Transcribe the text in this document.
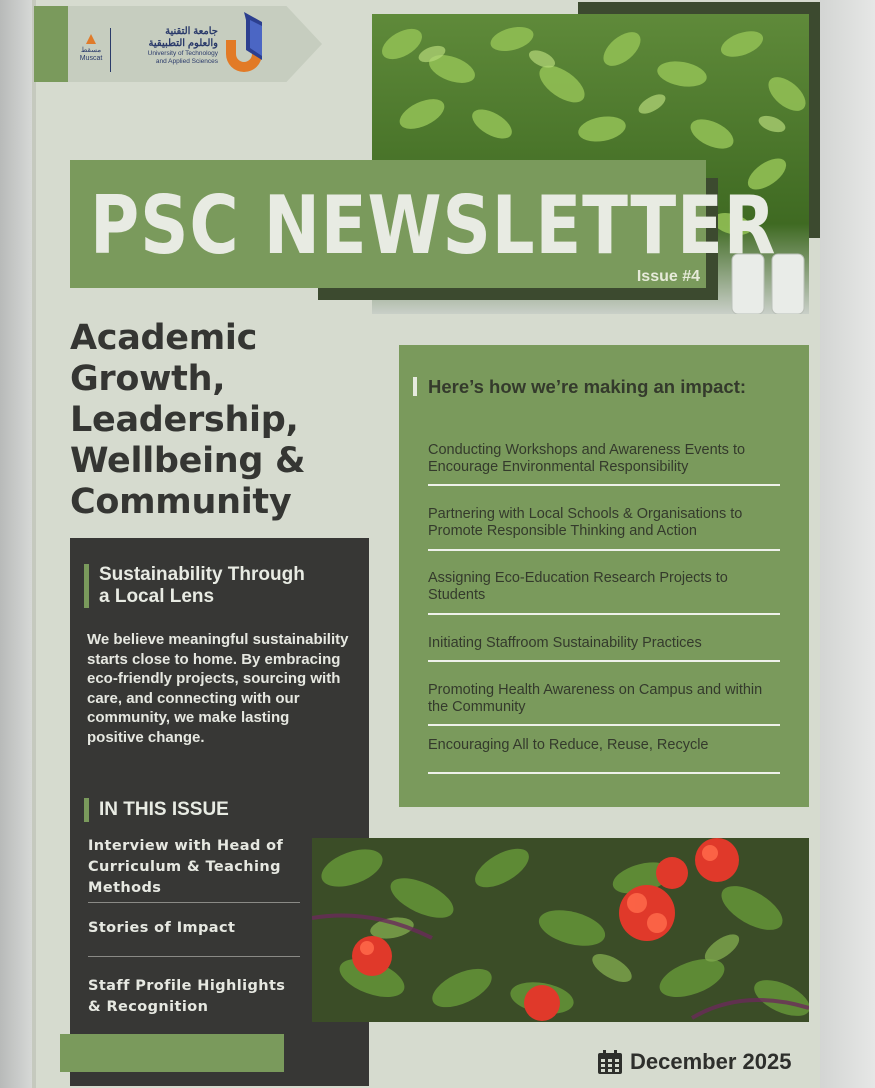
مسقط
Muscat
جامعة التقنية
والعلوم التطبيقية
University of Technology
and Applied Sciences
PSC NEWSLETTER
Issue #4
Academic
Growth,
Leadership,
Wellbeing &
Community
Sustainability Through
a Local Lens
We believe meaningful sustainability starts close to home. By embracing eco-friendly projects, sourcing with care, and connecting with our community, we make lasting positive change.
IN THIS ISSUE
Interview with Head of Curriculum & Teaching Methods
Stories of Impact
Staff Profile Highlights & Recognition
Here’s how we’re making an impact:
Conducting Workshops and Awareness Events to Encourage Environmental Responsibility
Partnering with Local Schools & Organisations to Promote Responsible Thinking and Action
Assigning Eco-Education Research Projects to Students
Initiating Staffroom Sustainability Practices
Promoting Health Awareness on Campus and within the Community
Encouraging All to Reduce, Reuse, Recycle
December 2025
